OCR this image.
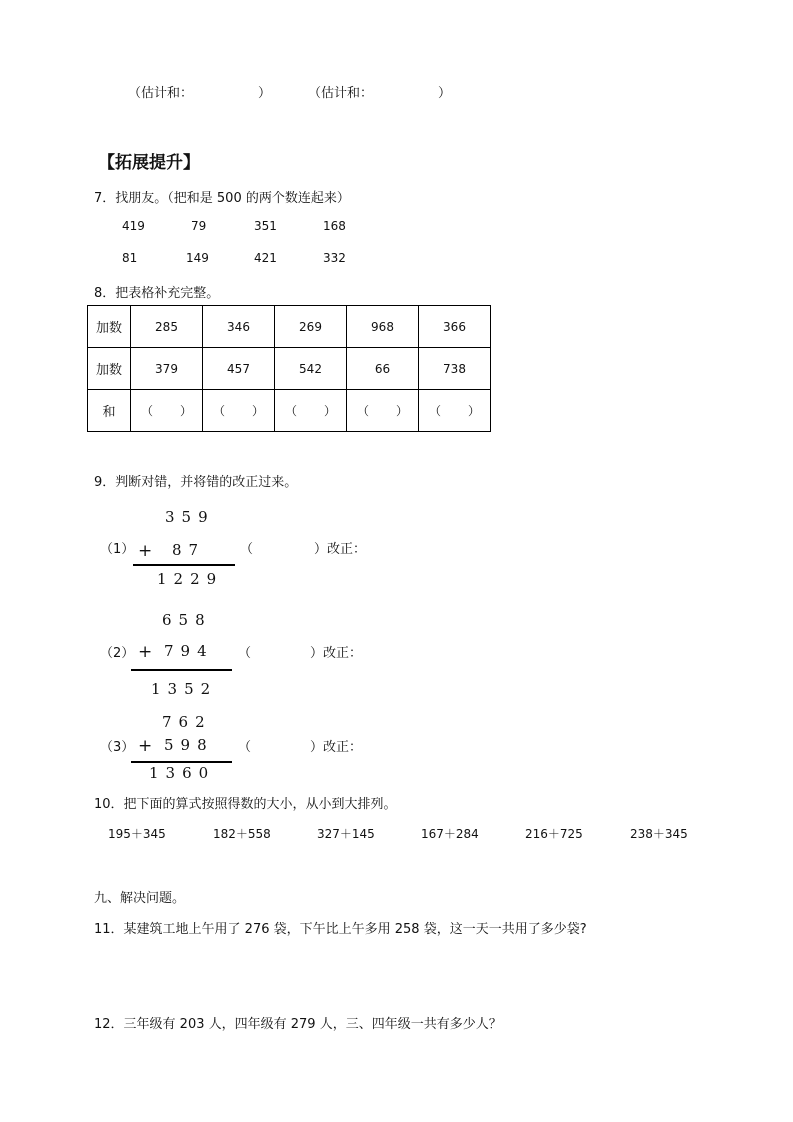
（估计和：	）	（估计和：	）
【拓展提升】
7．找朋友。（把和是 500 的两个数连起来）
419	79	351	168
81	149	421	332
8．把表格补充完整。
加数	285	346	269	968	366
加数	379	457	542	66	738
和	（ ）	（ ）	（ ）	（ ）	（ ）
9．判断对错，并将错的改正过来。
359
（1） + 87
1229
（	）改正：
658
（2） + 794
1352
（	）改正：
762
（3） + 598
1360
（	）改正：
10．把下面的算式按照得数的大小，从小到大排列。
195＋345	182＋558	327＋145	167＋284	216＋725	238＋345
九、解决问题。
11．某建筑工地上午用了 276 袋，下午比上午多用 258 袋，这一天一共用了多少袋?
12．三年级有 203 人，四年级有 279 人，三、四年级一共有多少人？
